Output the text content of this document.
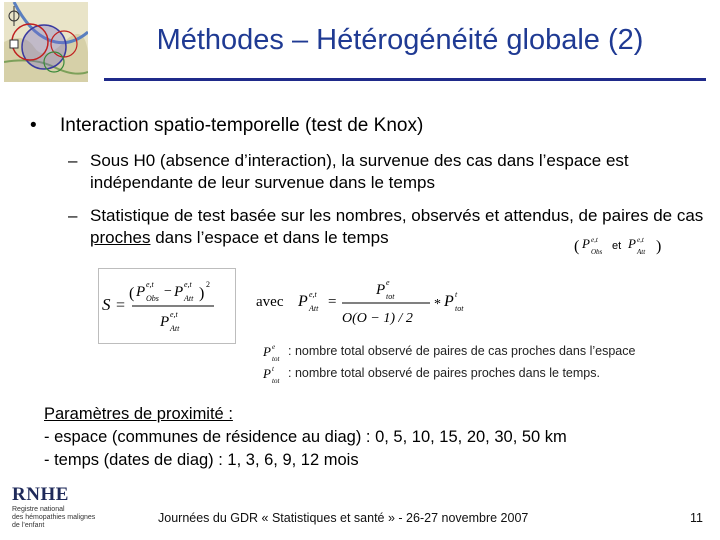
Méthodes – Hétérogénéité globale (2)
• Interaction spatio-temporelle (test de Knox)
– Sous H0 (absence d’interaction), la survenue des cas dans l’espace est indépendante de leur survenue dans le temps
– Statistique de test basée sur les nombres, observés et attendus, de paires de cas proches dans l’espace et dans le temps	( P e,t
Obs et P e,t
Att )
S =
( P e,t
Obs − P e,t
Att )
2
P e,t
Att
avec P e,t
Att =
P e
tot
O(O − 1) / 2
* P t
tot
P e
tot
: nombre total observé de paires de cas proches dans l’espace
P t
tot
: nombre total observé de paires proches dans le temps.
Paramètres de proximité :
- espace (communes de résidence au diag) : 0, 5, 10, 15, 20, 30, 50 km
- temps (dates de diag) : 1, 3, 6, 9, 12 mois
RNHE
Registre national
des hémopathies malignes
de l’enfant
Journées du GDR « Statistiques et santé » - 26-27 novembre 2007	11
